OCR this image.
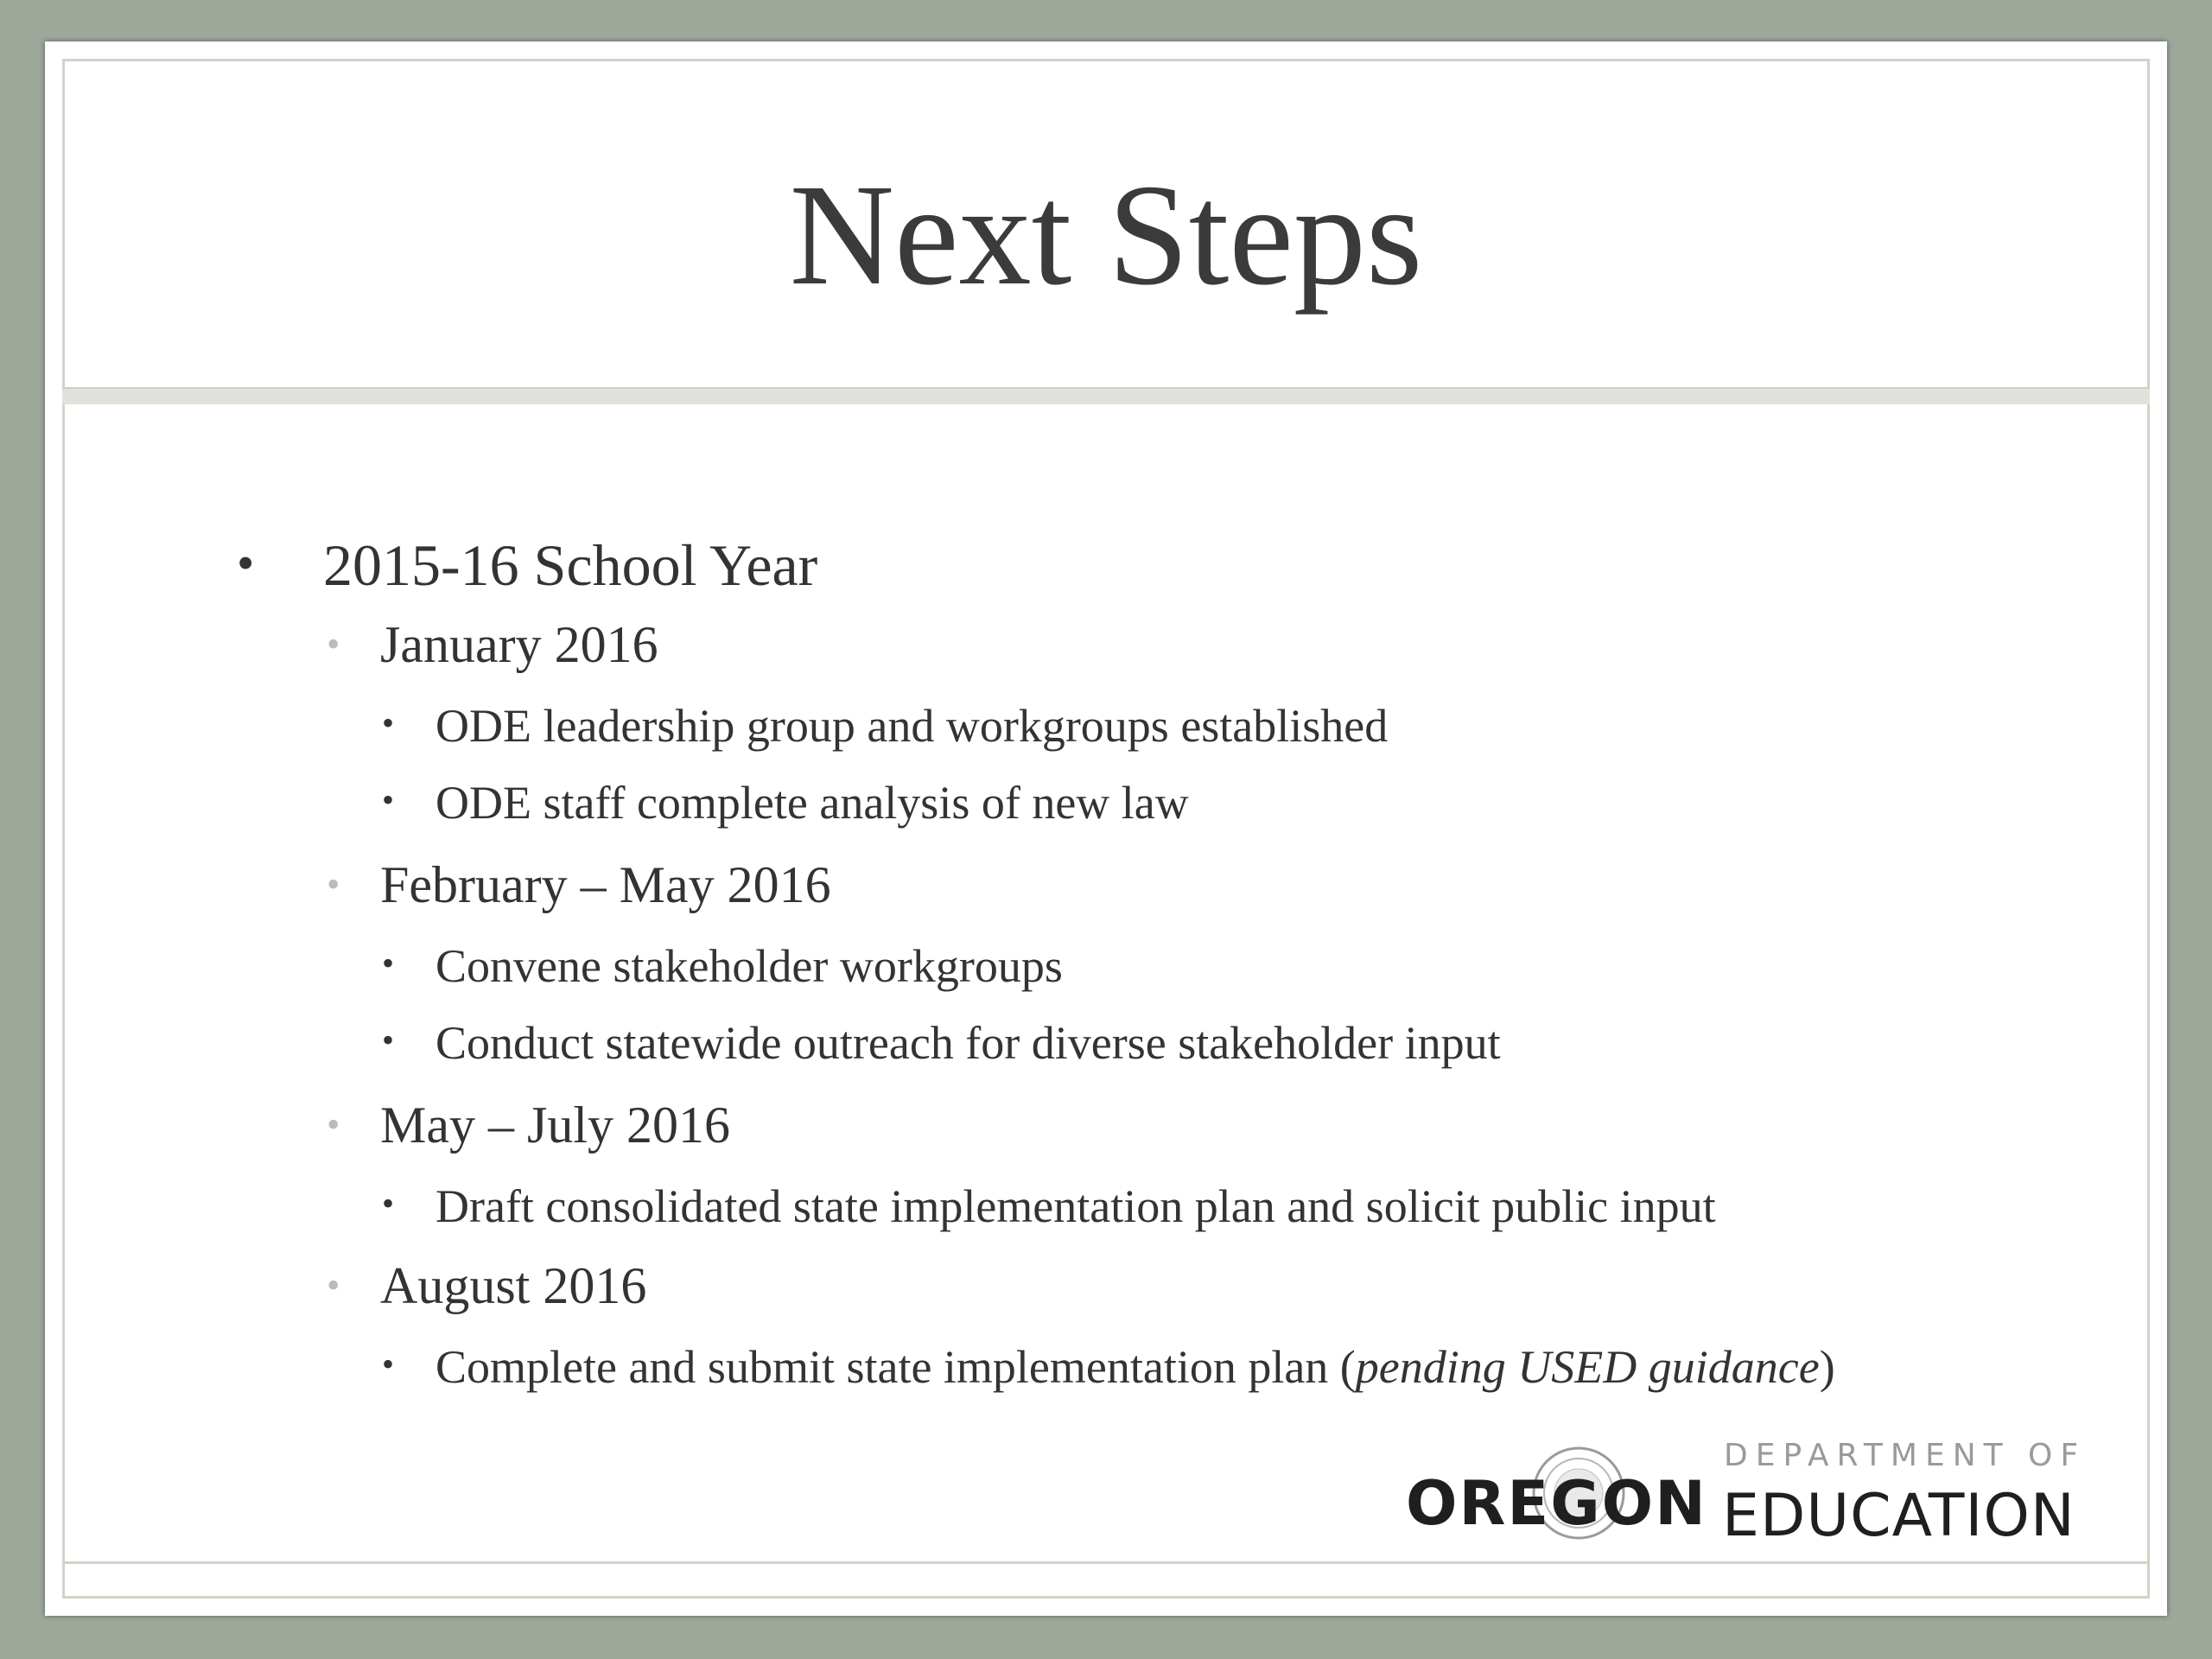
Next Steps
• 2015-16 School Year
• January 2016
• ODE leadership group and workgroups established
• ODE staff complete analysis of new law
• February – May 2016
• Convene stakeholder workgroups
• Conduct statewide outreach for diverse stakeholder input
• May – July 2016
• Draft consolidated state implementation plan and solicit public input
• August 2016
• Complete and submit state implementation plan (pending USED guidance)
OREGON
DEPARTMENT OF
EDUCATION
